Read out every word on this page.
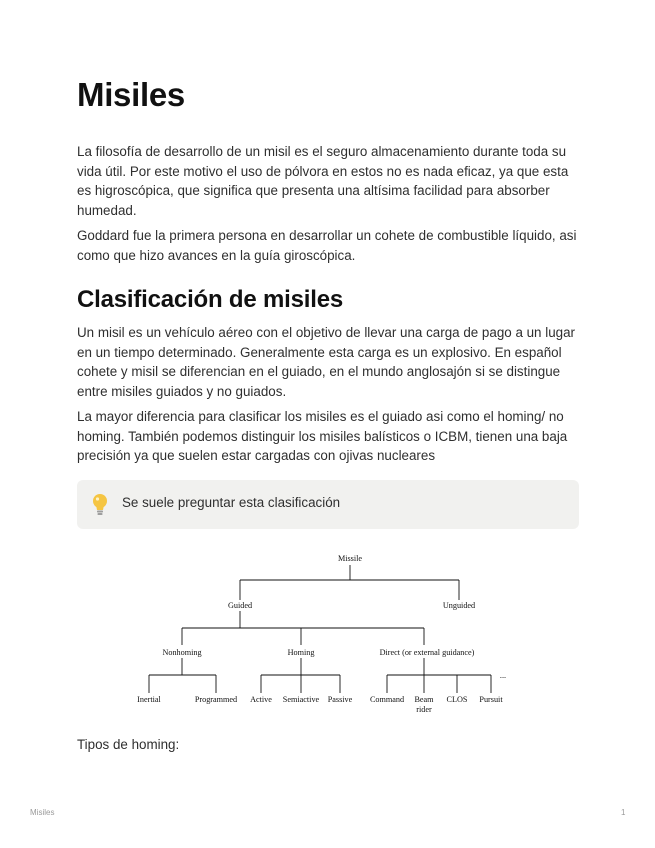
Misiles

La filosofía de desarrollo de un misil es el seguro almacenamiento durante toda su vida útil. Por este motivo el uso de pólvora en estos no es nada eficaz, ya que esta es higroscópica, que significa que presenta una altísima facilidad para absorber humedad.

Goddard fue la primera persona en desarrollar un cohete de combustible líquido, asi como que hizo avances en la guía giroscópica.

Clasificación de misiles

Un misil es un vehículo aéreo con el objetivo de llevar una carga de pago a un lugar en un tiempo determinado. Generalmente esta carga es un explosivo. En español cohete y misil se diferencian en el guiado, en el mundo anglosajón si se distingue entre misiles guiados y no guiados.

La mayor diferencia para clasificar los misiles es el guiado asi como el homing/ no homing. También podemos distinguir los misiles balísticos o ICBM, tienen una baja precisión ya que suelen estar cargadas con ojivas nucleares

Se suele preguntar esta clasificación
Missile
Guided	Unguided
Nonhoming	Homing	Direct (or external guidance)
Inertial	Programmed Active Semiactive Passive Command Beam
rider
CLOS Pursuit
...

Tipos de homing:

Misiles	1
